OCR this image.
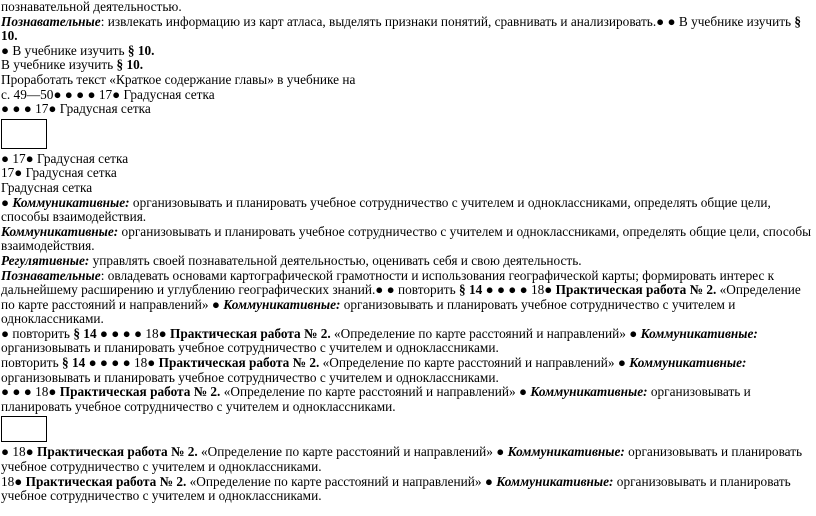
познавательной деятельностью.

Познавательные: извлекать информацию из карт атласа, выделять признаки понятий, сравнивать и анализировать.● ● В учебнике изучить §

10.

● В учебнике изучить § 10.

В учебнике изучить § 10.

Проработать текст «Краткое содержание главы» в учебнике на

с. 49—50● ● ● ● 17● Градусная сетка

● ● ● 17● Градусная сетка

● 17● Градусная сетка

17● Градусная сетка

Градусная сетка

● Коммуникативные: организовывать и планировать учебное сотрудничество с учителем и одноклассниками, определять общие цели, способы взаимодействия.

Коммуникативные: организовывать и планировать учебное сотрудничество с учителем и одноклассниками, определять общие цели, способы взаимодействия.

Регулятивные: управлять своей познавательной деятельностью, оценивать себя и свою деятельность.

Познавательные: овладевать основами картографической грамотности и использования географической карты; формировать интерес к дальнейшему расширению и углублению географических знаний.● ● повторить § 14 ● ● ● ● 18● Практическая работа № 2. «Определение по карте расстояний и направлений» ● Коммуникативные: организовывать и планировать учебное сотрудничество с учителем и одноклассниками.

● повторить § 14 ● ● ● ● 18● Практическая работа № 2. «Определение по карте расстояний и направлений» ● Коммуникативные: организовывать и планировать учебное сотрудничество с учителем и одноклассниками.

повторить § 14 ● ● ● ● 18● Практическая работа № 2. «Определение по карте расстояний и направлений» ● Коммуникативные: организовывать и планировать учебное сотрудничество с учителем и одноклассниками.

● ● ● 18● Практическая работа № 2. «Определение по карте расстояний и направлений» ● Коммуникативные: организовывать и планировать учебное сотрудничество с учителем и одноклассниками.

● 18● Практическая работа № 2. «Определение по карте расстояний и направлений» ● Коммуникативные: организовывать и планировать учебное сотрудничество с учителем и одноклассниками.

18● Практическая работа № 2. «Определение по карте расстояний и направлений» ● Коммуникативные: организовывать и планировать учебное сотрудничество с учителем и одноклассниками.
